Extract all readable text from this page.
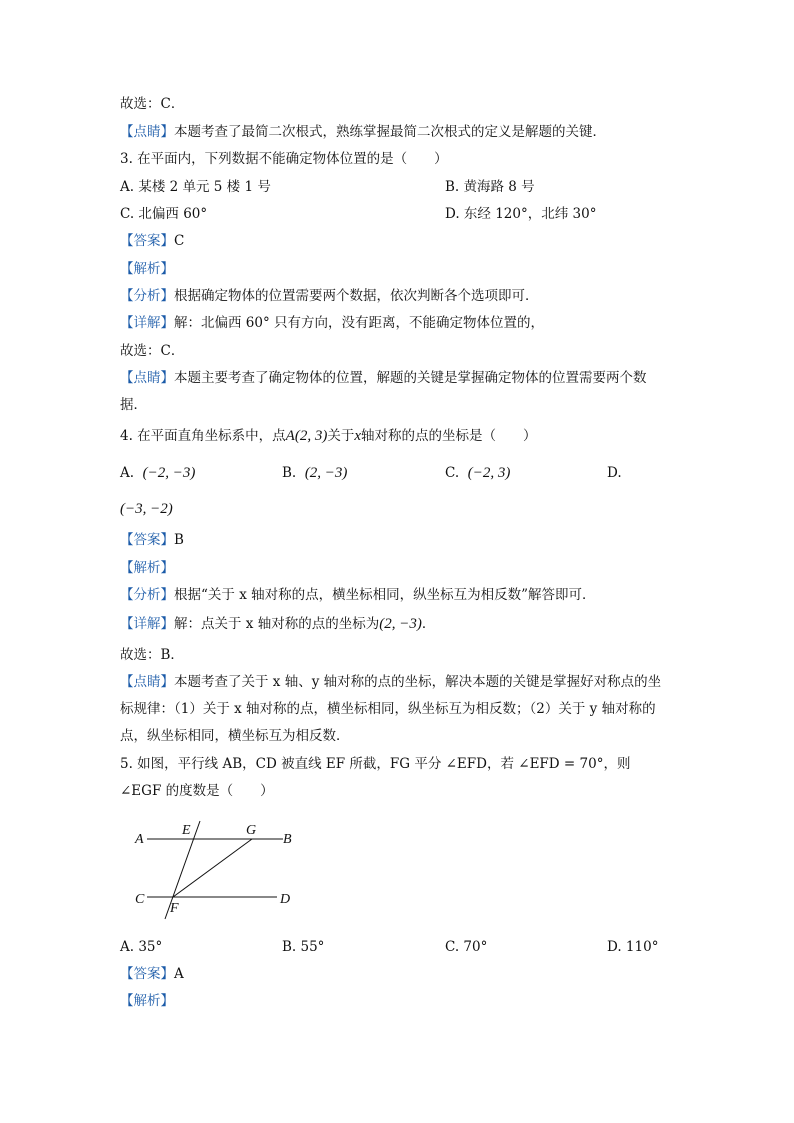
故选：C．
【点睛】本题考查了最简二次根式，熟练掌握最简二次根式的定义是解题的关键．
3. 在平面内，下列数据不能确定物体位置的是（　　）
A. 某楼 2 单元 5 楼 1 号	B. 黄海路 8 号
C. 北偏西 60°	D. 东经 120°，北纬 30°
【答案】C
【解析】
【分析】根据确定物体的位置需要两个数据，依次判断各个选项即可．
【详解】解：北偏西 60° 只有方向，没有距离，不能确定物体位置的，
故选：C．
【点睛】本题主要考查了确定物体的位置，解题的关键是掌握确定物体的位置需要两个数
据．
4. 在平面直角坐标系中，点A(2, 3)关于x轴对称的点的坐标是（　　）
A. (−2, −3)	B. (2, −3)	C. (−2, 3)	D.
(−3, −2)
【答案】B
【解析】
【分析】根据“关于 x 轴对称的点，横坐标相同，纵坐标互为相反数”解答即可．
【详解】解：点关于 x 轴对称的点的坐标为(2, −3)．
故选：B．
【点睛】本题考查了关于 x 轴、y 轴对称的点的坐标，解决本题的关键是掌握好对称点的坐
标规律：（1）关于 x 轴对称的点，横坐标相同，纵坐标互为相反数；（2）关于 y 轴对称的
点，纵坐标相同，横坐标互为相反数．
5. 如图，平行线 AB，CD 被直线 EF 所截，FG 平分 ∠EFD，若 ∠EFD = 70°，则
∠EGF 的度数是（　　）
A	B
C	D
E
F
G
A. 35°	B. 55°	C. 70°	D. 110°
【答案】A
【解析】
